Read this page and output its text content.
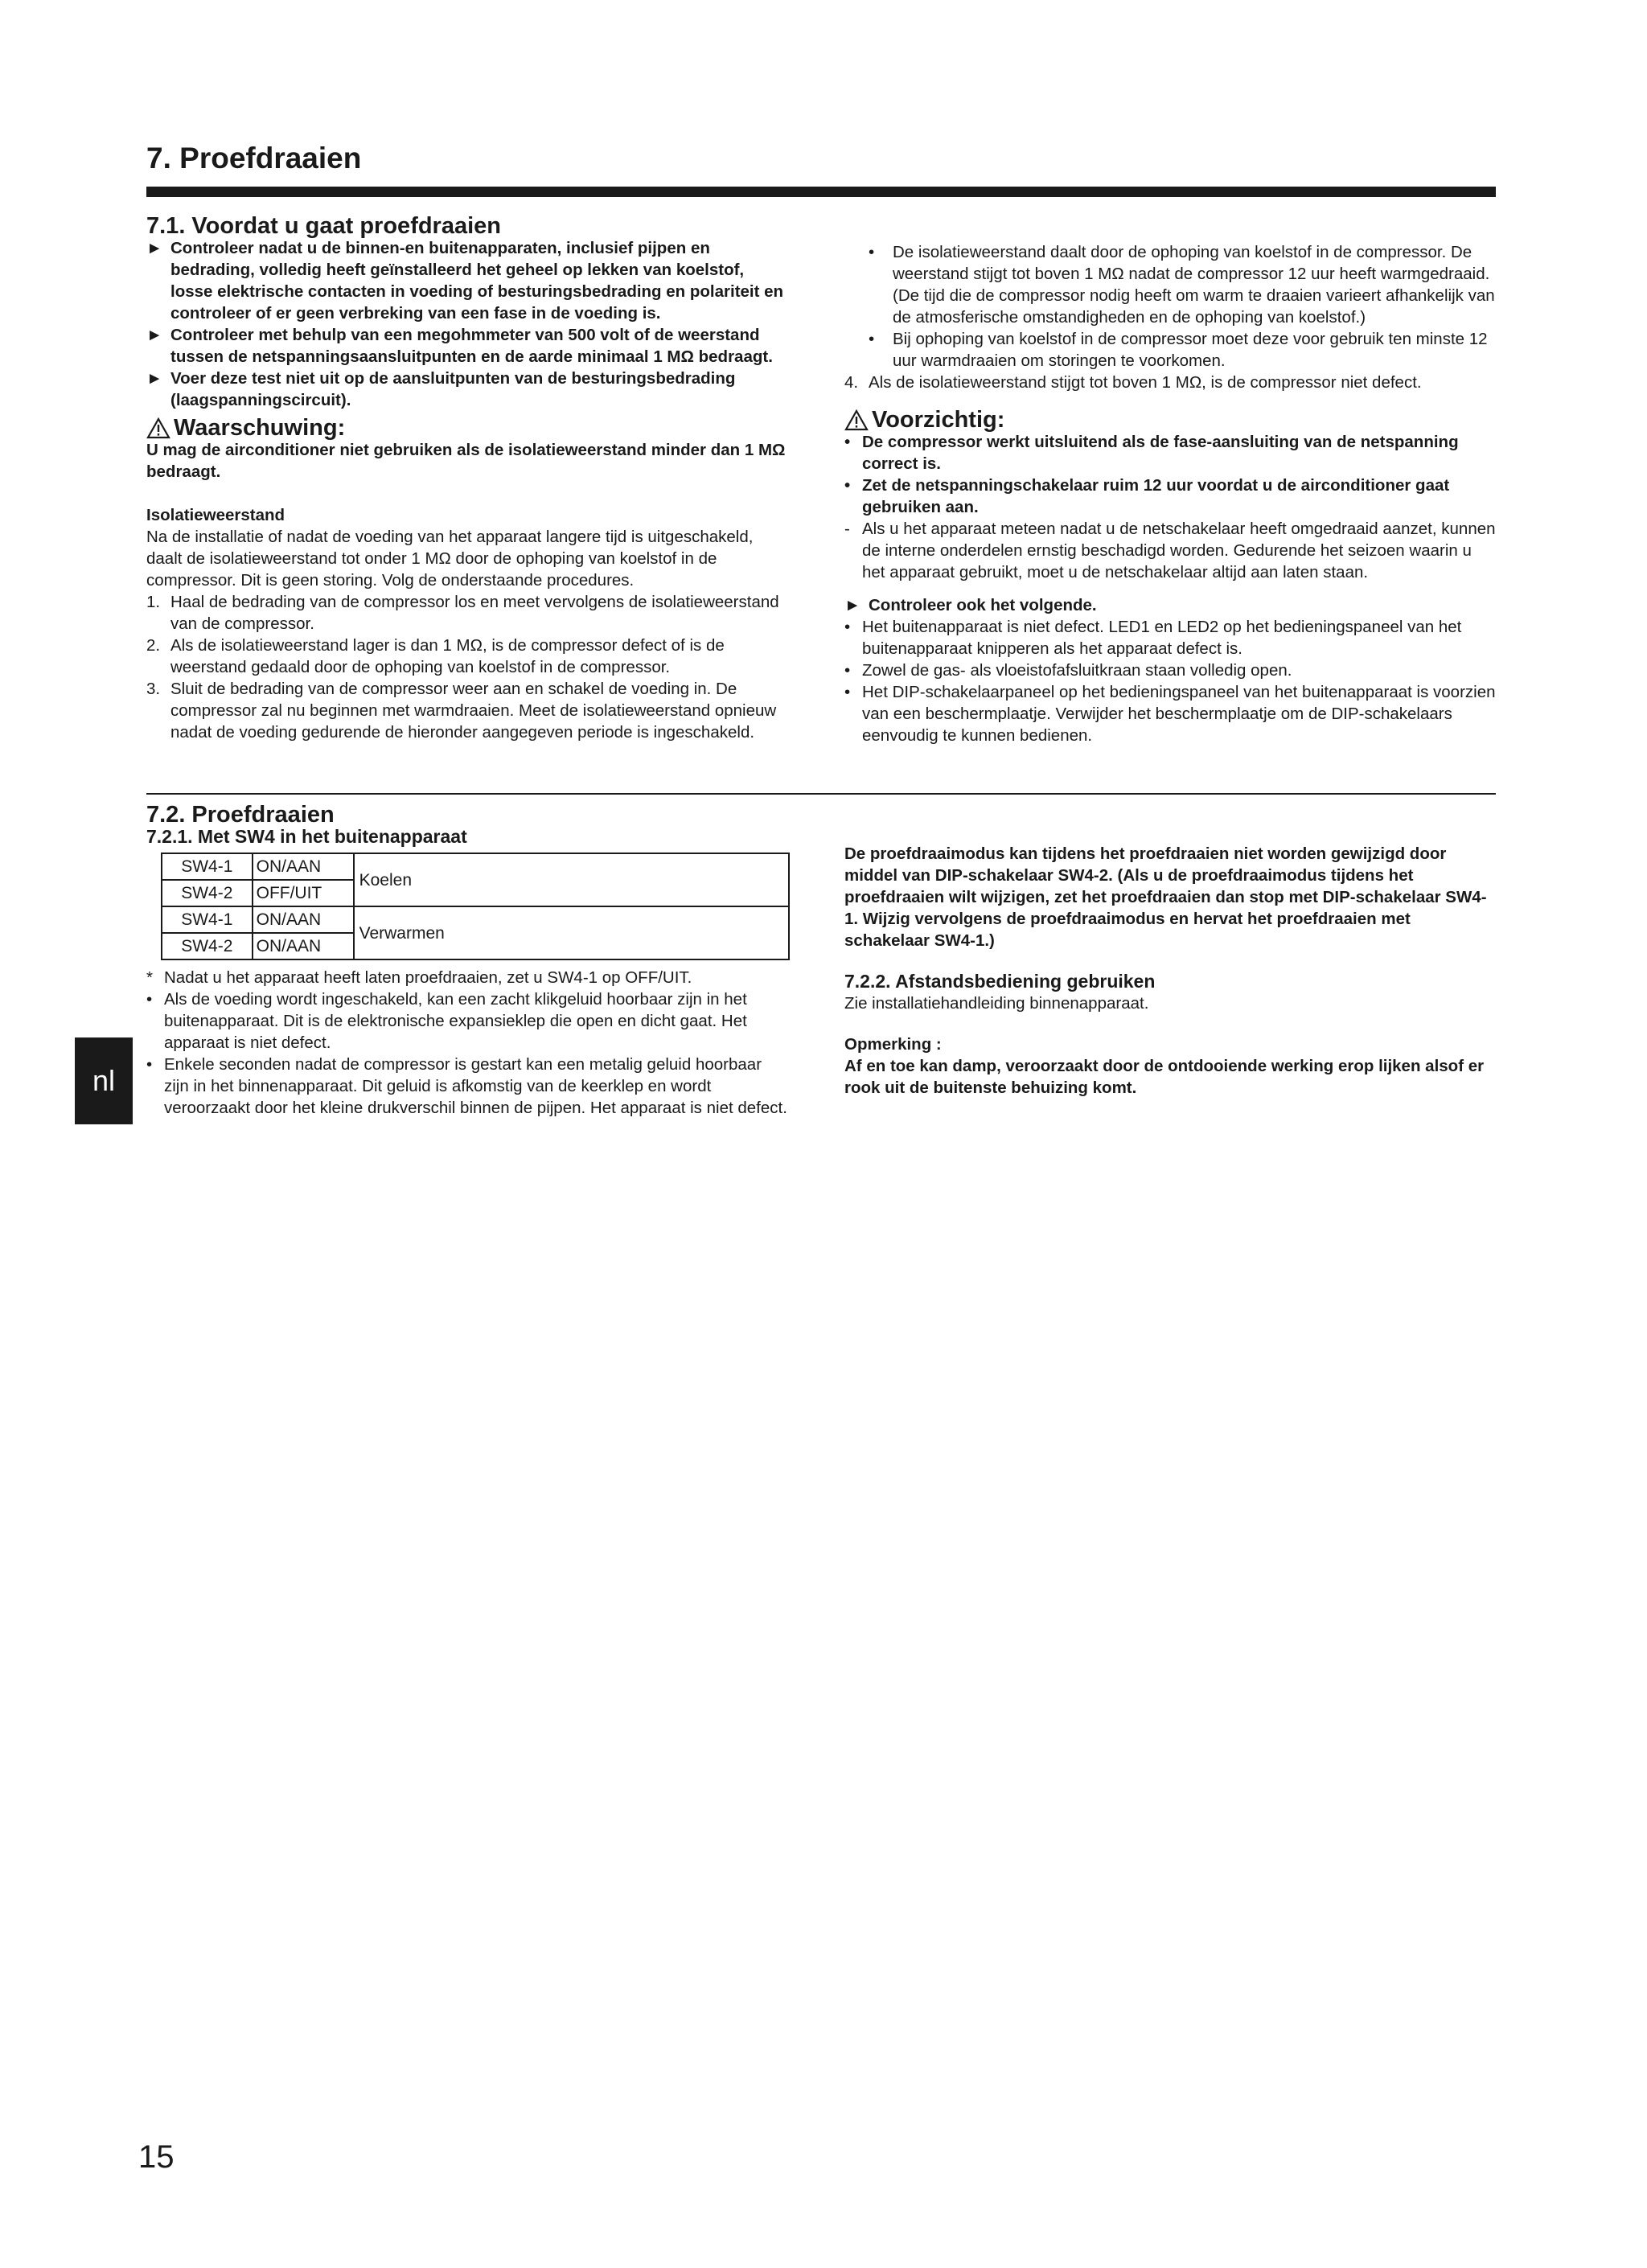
7. Proefdraaien
7.1. Voordat u gaat proefdraaien
► Controleer nadat u de binnen-en buitenapparaten, inclusief pijpen en bedrading, volledig heeft geïnstalleerd het geheel op lekken van koelstof, losse elektrische contacten in voeding of besturingsbedrading en polariteit en controleer of er geen verbreking van een fase in de voeding is.
► Controleer met behulp van een megohmmeter van 500 volt of de weerstand tussen de netspanningsaansluitpunten en de aarde minimaal 1 MΩ bedraagt.
► Voer deze test niet uit op de aansluitpunten van de besturingsbedrading (laagspanningscircuit).
Waarschuwing:

U mag de airconditioner niet gebruiken als de isolatieweerstand minder dan 1 MΩ bedraagt.

Isolatieweerstand

Na de installatie of nadat de voeding van het apparaat langere tijd is uitgeschakeld, daalt de isolatieweerstand tot onder 1 MΩ door de ophoping van koelstof in de compressor. Dit is geen storing. Volg de onderstaande procedures.

1. Haal de bedrading van de compressor los en meet vervolgens de isolatieweerstand van de compressor.
2. Als de isolatieweerstand lager is dan 1 MΩ, is de compressor defect of is de weerstand gedaald door de ophoping van koelstof in de compressor.
3. Sluit de bedrading van de compressor weer aan en schakel de voeding in. De compressor zal nu beginnen met warmdraaien. Meet de isolatieweerstand opnieuw nadat de voeding gedurende de hieronder aangegeven periode is ingeschakeld.
•	De isolatieweerstand daalt door de ophoping van koelstof in de compressor. De weerstand stijgt tot boven 1 MΩ nadat de compressor 12 uur heeft warmgedraaid. (De tijd die de compressor nodig heeft om warm te draaien varieert afhankelijk van de atmosferische omstandigheden en de ophoping van koelstof.)
•	Bij ophoping van koelstof in de compressor moet deze voor gebruik ten minste 12 uur warmdraaien om storingen te voorkomen.
4. Als de isolatieweerstand stijgt tot boven 1 MΩ, is de compressor niet defect.
Voorzichtig:
• De compressor werkt uitsluitend als de fase-aansluiting van de netspanning correct is.
• Zet de netspanningschakelaar ruim 12 uur voordat u de airconditioner gaat gebruiken aan.
- Als u het apparaat meteen nadat u de netschakelaar heeft omgedraaid aanzet, kunnen de interne onderdelen ernstig beschadigd worden. Gedurende het seizoen waarin u het apparaat gebruikt, moet u de netschakelaar altijd aan laten staan.

► Controleer ook het volgende.

• Het buitenapparaat is niet defect. LED1 en LED2 op het bedieningspaneel van het buitenapparaat knipperen als het apparaat defect is.
• Zowel de gas- als vloeistofafsluitkraan staan volledig open.
• Het DIP-schakelaarpaneel op het bedieningspaneel van het buitenapparaat is voorzien van een beschermplaatje. Verwijder het beschermplaatje om de DIP-schakelaars eenvoudig te kunnen bedienen.
7.2. Proefdraaien
7.2.1. Met SW4 in het buitenapparaat
SW4-1	ON/AAN	Koelen
SW4-2	OFF/UIT	
SW4-1	ON/AAN	Verwarmen
SW4-2	ON/AAN	
* Nadat u het apparaat heeft laten proefdraaien, zet u SW4-1 op OFF/UIT.
• Als de voeding wordt ingeschakeld, kan een zacht klikgeluid hoorbaar zijn in het buitenapparaat. Dit is de elektronische expansieklep die open en dicht gaat. Het apparaat is niet defect.
• Enkele seconden nadat de compressor is gestart kan een metalig geluid hoorbaar zijn in het binnenapparaat. Dit geluid is afkomstig van de keerklep en wordt veroorzaakt door het kleine drukverschil binnen de pijpen. Het apparaat is niet defect.

De proefdraaimodus kan tijdens het proefdraaien niet worden gewijzigd door middel van DIP-schakelaar SW4-2. (Als u de proefdraaimodus tijdens het proefdraaien wilt wijzigen, zet het proefdraaien dan stop met DIP-schakelaar SW4-1. Wijzig vervolgens de proefdraaimodus en hervat het proefdraaien met schakelaar SW4-1.)

7.2.2. Afstandsbediening gebruiken

Zie installatiehandleiding binnenapparaat.

Opmerking :

Af en toe kan damp, veroorzaakt door de ontdooiende werking erop lijken alsof er rook uit de buitenste behuizing komt.

nl
15
